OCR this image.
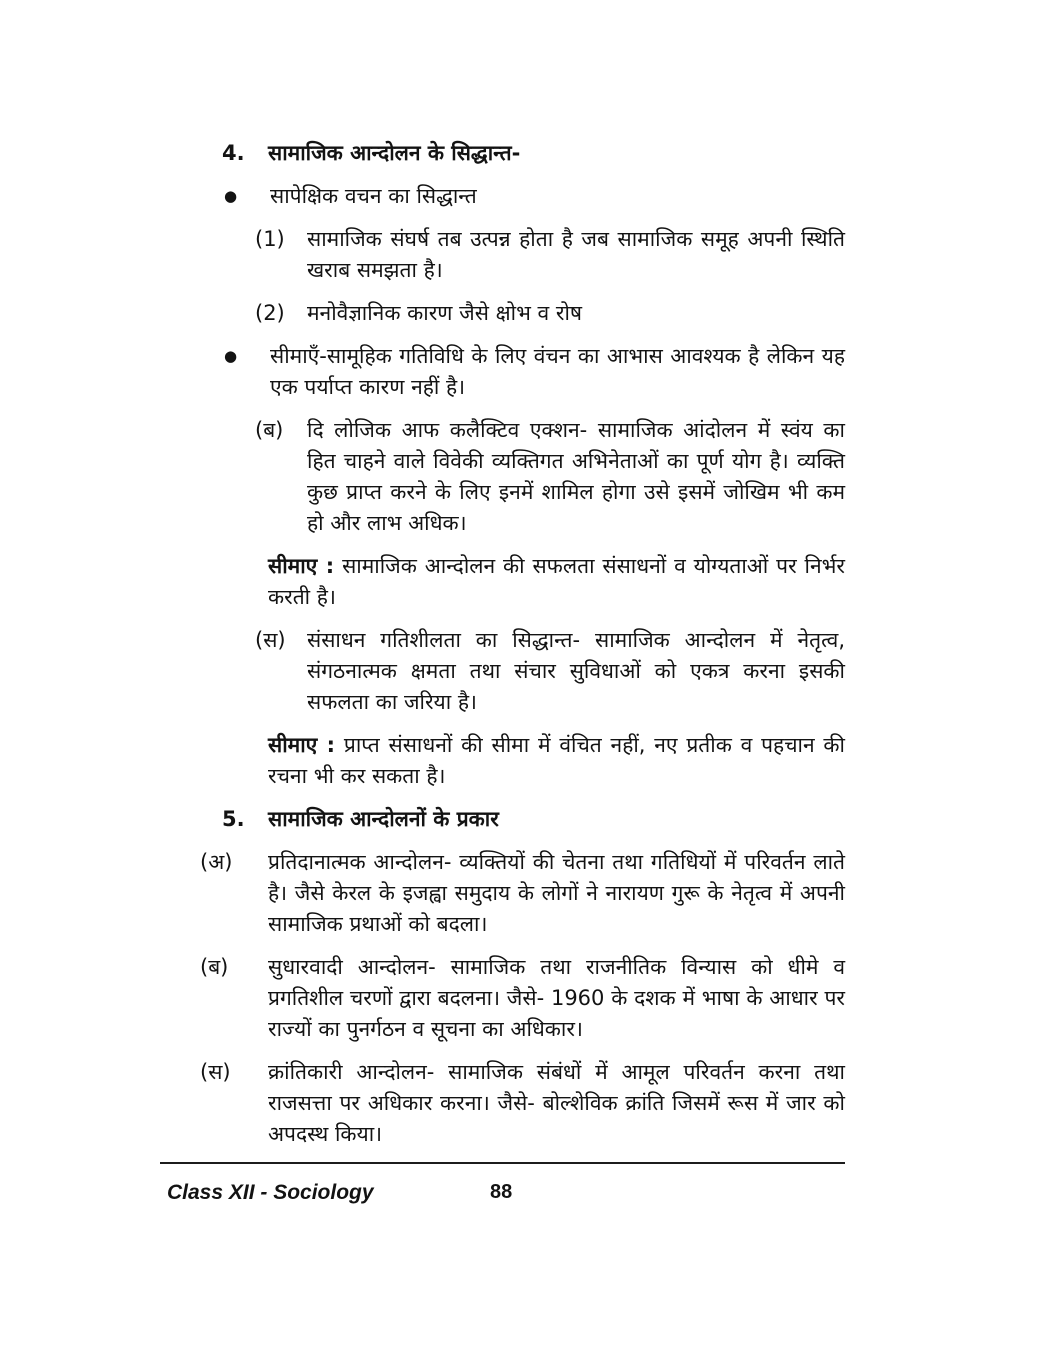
4.	सामाजिक आन्दोलन के सिद्धान्त-
●	सापेक्षिक वचन का सिद्धान्त
(1)	सामाजिक संघर्ष तब उत्पन्न होता है जब सामाजिक समूह अपनी स्थिति खराब समझता है।
(2)	मनोवैज्ञानिक कारण जैसे क्षोभ व रोष
●	सीमाएँ-सामूहिक गतिविधि के लिए वंचन का आभास आवश्यक है लेकिन यह एक पर्याप्त कारण नहीं है।
(ब)	दि लोजिक आफ कलैक्टिव एक्शन- सामाजिक आंदोलन में स्वंय का हित चाहने वाले विवेकी व्यक्तिगत अभिनेताओं का पूर्ण योग है। व्यक्ति कुछ प्राप्त करने के लिए इनमें शामिल होगा उसे इसमें जोखिम भी कम हो और लाभ अधिक।
सीमाए : सामाजिक आन्दोलन की सफलता संसाधनों व योग्यताओं पर निर्भर करती है।
(स)	संसाधन गतिशीलता का सिद्धान्त- सामाजिक आन्दोलन में नेतृत्व, संगठनात्मक क्षमता तथा संचार सुविधाओं को एकत्र करना इसकी सफलता का जरिया है।
सीमाए : प्राप्त संसाधनों की सीमा में वंचित नहीं, नए प्रतीक व पहचान की रचना भी कर सकता है।
5.	सामाजिक आन्दोलनों के प्रकार
(अ)	प्रतिदानात्मक आन्दोलन- व्यक्तियों की चेतना तथा गतिधियों में परिवर्तन लाते है। जैसे केरल के इजह्वा समुदाय के लोगों ने नारायण गुरू के नेतृत्व में अपनी सामाजिक प्रथाओं को बदला।
(ब)	सुधारवादी आन्दोलन- सामाजिक तथा राजनीतिक विन्यास को धीमे व प्रगतिशील चरणों द्वारा बदलना। जैसे- 1960 के दशक में भाषा के आधार पर राज्यों का पुनर्गठन व सूचना का अधिकार।
(स)	क्रांतिकारी आन्दोलन- सामाजिक संबंधों में आमूल परिवर्तन करना तथा राजसत्ता पर अधिकार करना। जैसे- बोल्शेविक क्रांति जिसमें रूस में जार को अपदस्थ किया।
Class XII - Sociology	88
